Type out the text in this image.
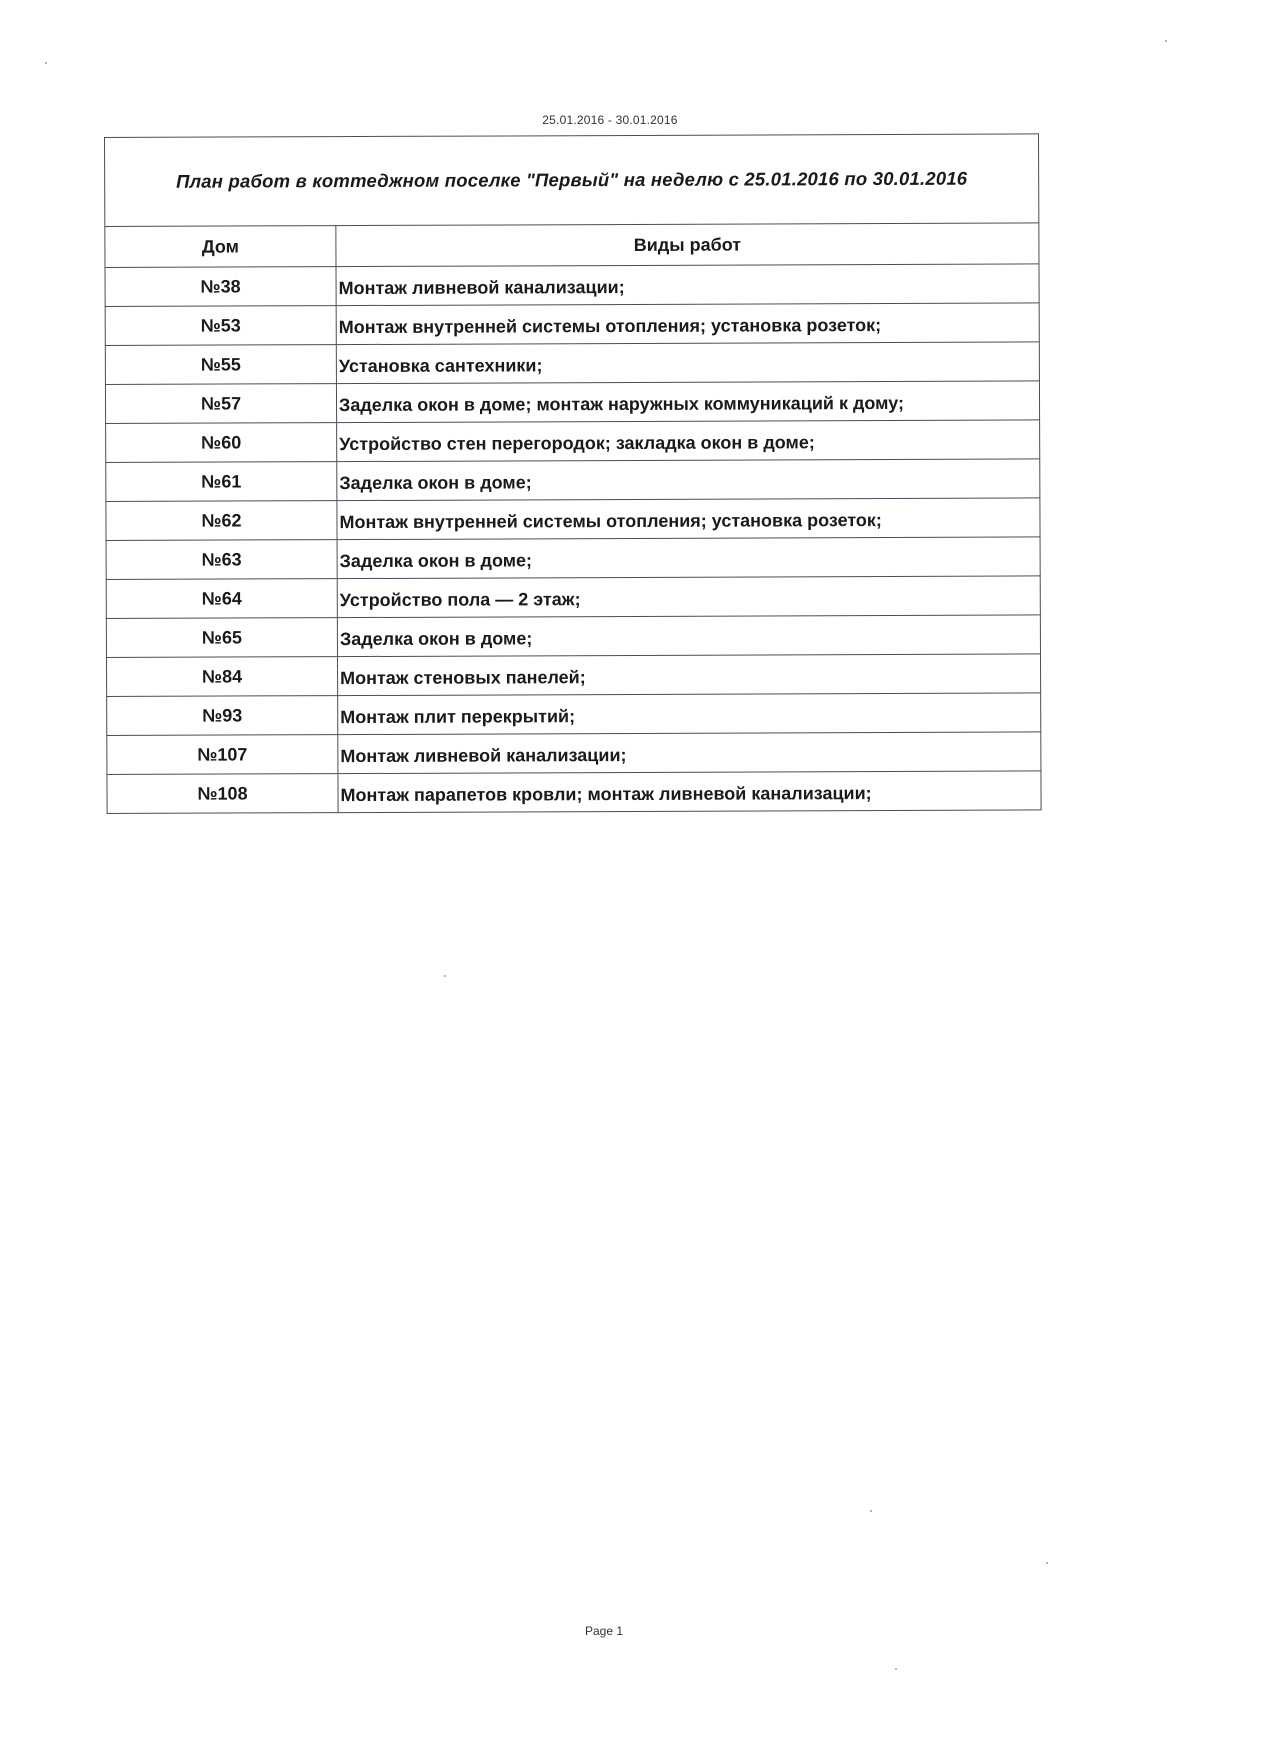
25.01.2016 - 30.01.2016
План работ в коттеджном поселке "Первый" на неделю с 25.01.2016 по 30.01.2016	
Дом	Виды работ
№38	Монтаж ливневой канализации;
№53	Монтаж внутренней системы отопления; установка розеток;
№55	Установка сантехники;
№57	Заделка окон в доме; монтаж наружных коммуникаций к дому;
№60	Устройство стен перегородок; закладка окон в доме;
№61	Заделка окон в доме;
№62	Монтаж внутренней системы отопления; установка розеток;
№63	Заделка окон в доме;
№64	Устройство пола — 2 этаж;
№65	Заделка окон в доме;
№84	Монтаж стеновых панелей;
№93	Монтаж плит перекрытий;
№107	Монтаж ливневой канализации;
№108	Монтаж парапетов кровли; монтаж ливневой канализации;
Page 1
